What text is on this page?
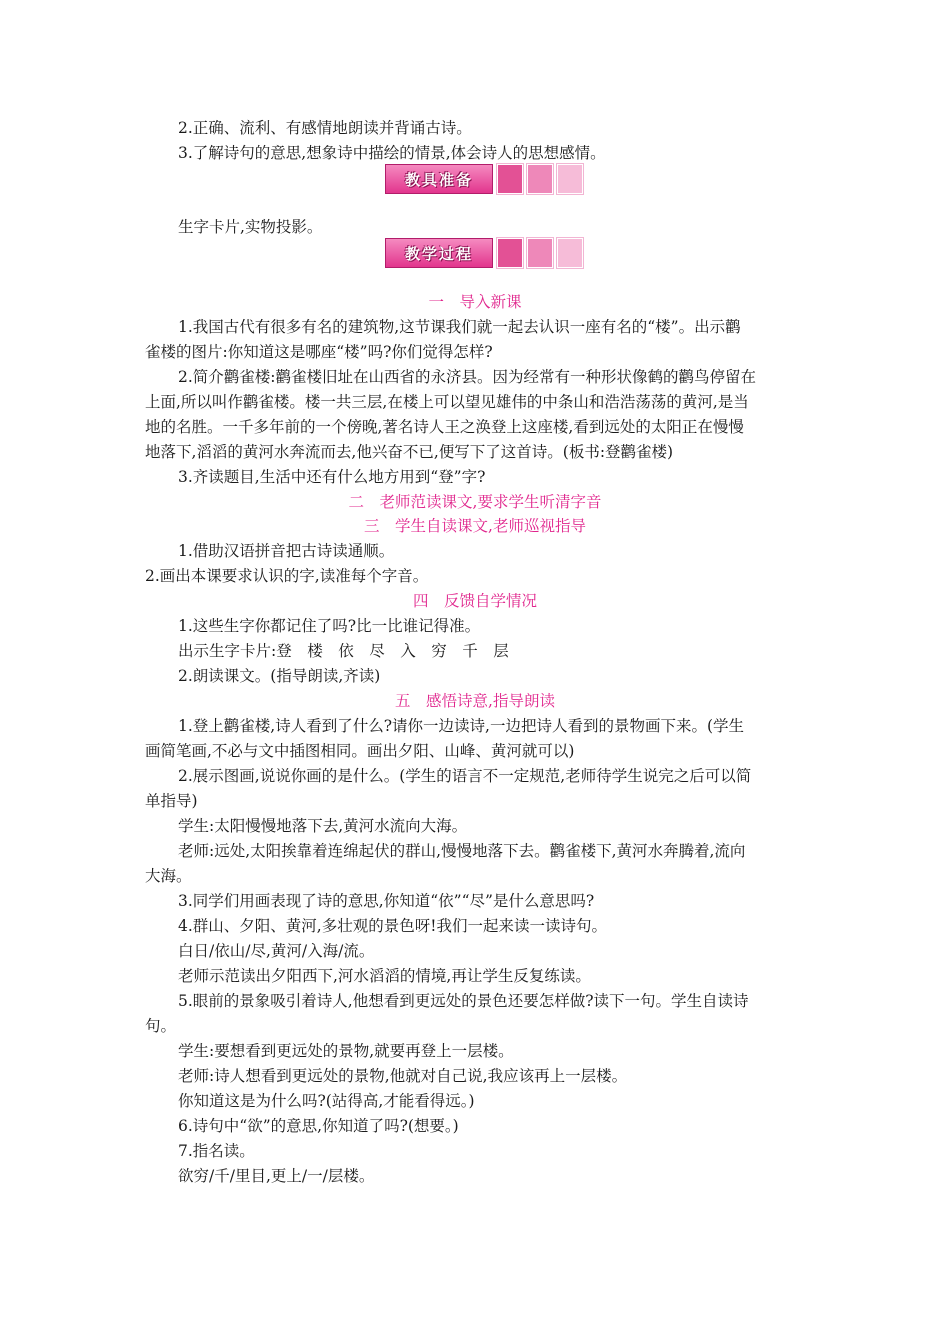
2.正确、流利、有感情地朗读并背诵古诗。
3.了解诗句的意思,想象诗中描绘的情景,体会诗人的思想感情。
教具准备
生字卡片,实物投影。
教学过程
一　导入新课
1.我国古代有很多有名的建筑物,这节课我们就一起去认识一座有名的“楼”。出示鹳
雀楼的图片:你知道这是哪座“楼”吗?你们觉得怎样?
2.简介鹳雀楼:鹳雀楼旧址在山西省的永济县。因为经常有一种形状像鹤的鹳鸟停留在
上面,所以叫作鹳雀楼。楼一共三层,在楼上可以望见雄伟的中条山和浩浩荡荡的黄河,是当
地的名胜。一千多年前的一个傍晚,著名诗人王之涣登上这座楼,看到远处的太阳正在慢慢
地落下,滔滔的黄河水奔流而去,他兴奋不已,便写下了这首诗。(板书:登鹳雀楼)
3.齐读题目,生活中还有什么地方用到“登”字?
二　老师范读课文,要求学生听清字音
三　学生自读课文,老师巡视指导
1.借助汉语拼音把古诗读通顺。
2.画出本课要求认识的字,读准每个字音。
四　反馈自学情况
1.这些生字你都记住了吗?比一比谁记得准。
出示生字卡片:登　楼　依　尽　入　穷　千　层
2.朗读课文。(指导朗读,齐读)
五　感悟诗意,指导朗读
1.登上鹳雀楼,诗人看到了什么?请你一边读诗,一边把诗人看到的景物画下来。(学生
画简笔画,不必与文中插图相同。画出夕阳、山峰、黄河就可以)
2.展示图画,说说你画的是什么。(学生的语言不一定规范,老师待学生说完之后可以简
单指导)
学生:太阳慢慢地落下去,黄河水流向大海。
老师:远处,太阳挨靠着连绵起伏的群山,慢慢地落下去。鹳雀楼下,黄河水奔腾着,流向
大海。
3.同学们用画表现了诗的意思,你知道“依”“尽”是什么意思吗?
4.群山、夕阳、黄河,多壮观的景色呀!我们一起来读一读诗句。
白日/依山/尽,黄河/入海/流。
老师示范读出夕阳西下,河水滔滔的情境,再让学生反复练读。
5.眼前的景象吸引着诗人,他想看到更远处的景色还要怎样做?读下一句。学生自读诗
句。
学生:要想看到更远处的景物,就要再登上一层楼。
老师:诗人想看到更远处的景物,他就对自己说,我应该再上一层楼。
你知道这是为什么吗?(站得高,才能看得远。)
6.诗句中“欲”的意思,你知道了吗?(想要。)
7.指名读。
欲穷/千/里目,更上/一/层楼。
